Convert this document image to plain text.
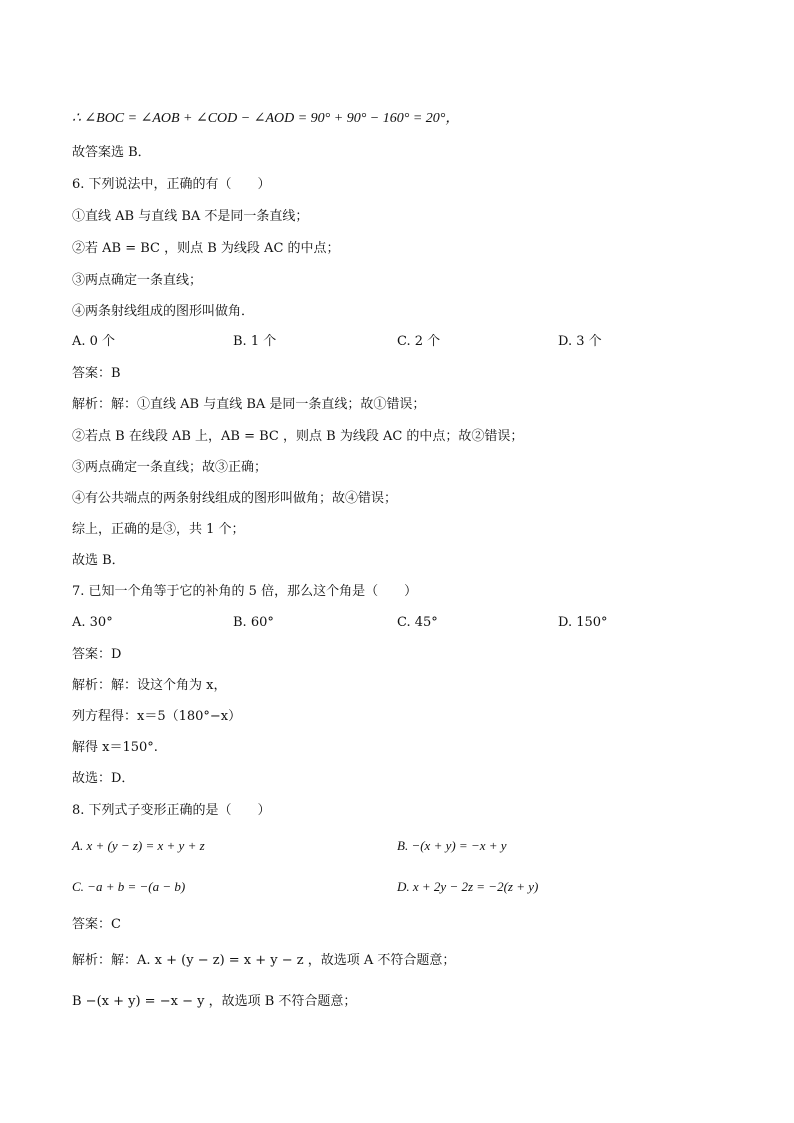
∴ ∠BOC = ∠AOB + ∠COD − ∠AOD = 90° + 90° − 160° = 20°，
故答案选 B．
6. 下列说法中，正确的有（　　）
①直线 AB 与直线 BA 不是同一条直线；
②若 AB = BC ，则点 B 为线段 AC 的中点；
③两点确定一条直线；
④两条射线组成的图形叫做角．
A. 0 个	B. 1 个	C. 2 个	D. 3 个
答案：B
解析：解：①直线 AB 与直线 BA 是同一条直线；故①错误；
②若点 B 在线段 AB 上，AB = BC ，则点 B 为线段 AC 的中点；故②错误；
③两点确定一条直线；故③正确；
④有公共端点的两条射线组成的图形叫做角；故④错误；
综上，正确的是③，共 1 个；
故选 B．
7. 已知一个角等于它的补角的 5 倍，那么这个角是（　　）
A. 30°	B. 60°	C. 45°	D. 150°
答案：D
解析：解：设这个角为 x，
列方程得：x＝5（180°−x）
解得 x＝150°.
故选：D．
8. 下列式子变形正确的是（　　）
A. x + (y − z) = x + y + z	B. −(x + y) = −x + y
C. −a + b = −(a − b)	D. x + 2y − 2z = −2(z + y)
答案：C
解析：解：A. x + (y − z) = x + y − z ，故选项 A 不符合题意；
B −(x + y) = −x − y ，故选项 B 不符合题意；
